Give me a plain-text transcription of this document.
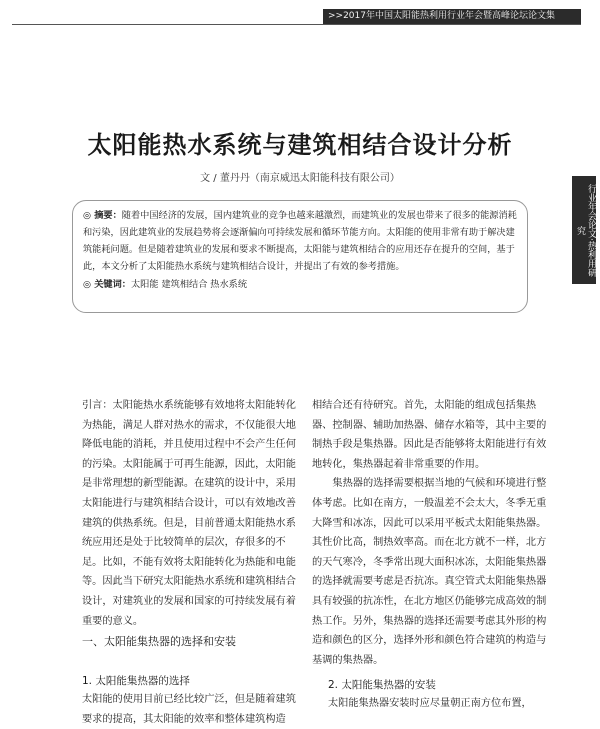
>>2017年中国太阳能热利用行业年会暨高峰论坛论文集
行业年会论文·热利用研究
太阳能热水系统与建筑相结合设计分析
文 / 董丹丹（南京威迅太阳能科技有限公司）
◎ 摘要：随着中国经济的发展，国内建筑业的竞争也越来越激烈，而建筑业的发展也带来了很多的能源消耗和污染，因此建筑业的发展趋势将会逐渐偏向可持续发展和循环节能方向。太阳能的使用非常有助于解决建筑能耗问题。但是随着建筑业的发展和要求不断提高，太阳能与建筑相结合的应用还存在提升的空间，基于此，本文分析了太阳能热水系统与建筑相结合设计，并提出了有效的参考措施。
◎ 关键词：太阳能 建筑相结合 热水系统

引言：太阳能热水系统能够有效地将太阳能转化为热能，满足人群对热水的需求，不仅能很大地降低电能的消耗，并且使用过程中不会产生任何的污染。太阳能属于可再生能源，因此，太阳能是非常理想的新型能源。在建筑的设计中，采用太阳能进行与建筑相结合设计，可以有效地改善建筑的供热系统。但是，目前普通太阳能热水系统应用还是处于比较简单的层次，存很多的不足。比如，不能有效将太阳能转化为热能和电能等。因此当下研究太阳能热水系统和建筑相结合设计，对建筑业的发展和国家的可持续发展有着重要的意义。

一、太阳能集热器的选择和安装
1. 太阳能集热器的选择
太阳能的使用目前已经比较广泛，但是随着建筑要求的提高，其太阳能的效率和整体建筑构造

相结合还有待研究。首先，太阳能的组成包括集热器、控制器、辅助加热器、储存水箱等，其中主要的制热手段是集热器。因此是否能够将太阳能进行有效地转化，集热器起着非常重要的作用。

集热器的选择需要根据当地的气候和环境进行整体考虑。比如在南方，一般温差不会太大，冬季无重大降雪和冰冻，因此可以采用平板式太阳能集热器。其性价比高，制热效率高。而在北方就不一样，北方的天气寒冷，冬季常出现大面积冰冻，太阳能集热器的选择就需要考虑是否抗冻。真空管式太阳能集热器具有较强的抗冻性，在北方地区仍能够完成高效的制热工作。另外，集热器的选择还需要考虑其外形的构造和颜色的区分，选择外形和颜色符合建筑的构造与基调的集热器。

2. 太阳能集热器的安装
太阳能集热器安装时应尽量朝正南方位布置，
